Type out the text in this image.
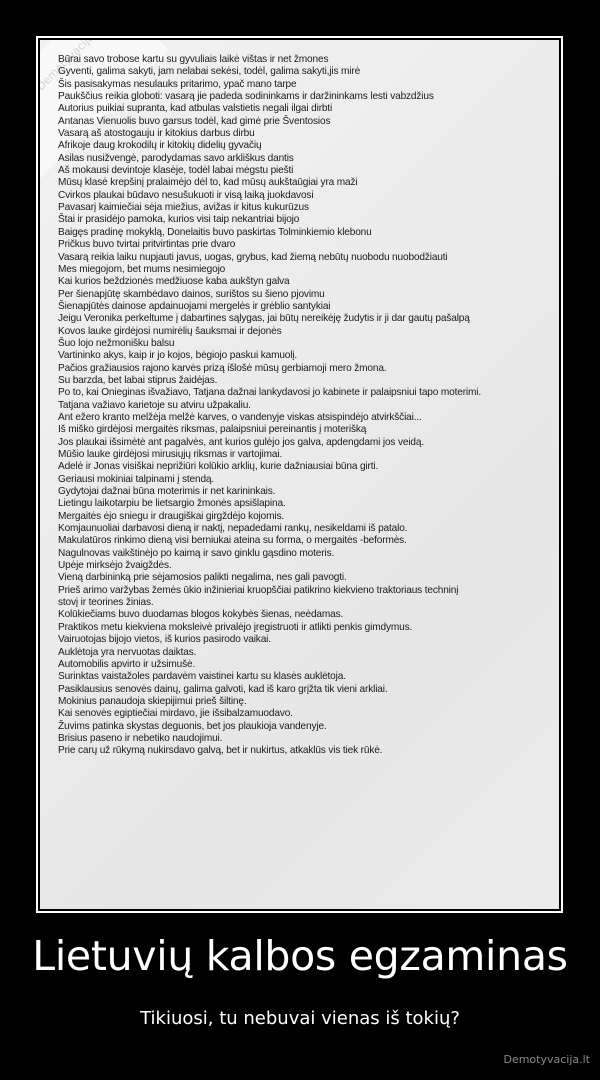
Būrai savo trobose kartu su gyvuliais laikė vištas ir net žmones
Gyventi, galima sakyti, jam nelabai sekėsi, todėl, galima sakyti,jis mirė
Šis pasisakymas nesulauks pritarimo, ypač mano tarpe
Paukščius reikia globoti: vasarą jie padeda sodininkams ir daržininkams lesti vabzdžius
Autorius puikiai supranta, kad atbulas valstietis negali ilgai dirbti
Antanas Vienuolis buvo garsus todėl, kad gimė prie Šventosios
Vasarą aš atostogauju ir kitokius darbus dirbu
Afrikoje daug krokodilų ir kitokių didelių gyvačių
Asilas nusižvengė, parodydamas savo arkliškus dantis
Aš mokausi devintoje klasėje, todėl labai mėgstu piešti
Mūsų klasė krepšinį pralaimėjo dėl to, kad mūsų aukštaūgiai yra maži
Cvirkos plaukai būdavo nesušukuoti ir visą laiką juokdavosi
Pavasarį kaimiečiai sėja miežius, avižas ir kitus kukurūzus
Štai ir prasidėjo pamoka, kurios visi taip nekantriai bijojo
Baigęs pradinę mokyklą, Donelaitis buvo paskirtas Tolminkiemio klebonu
Pričkus buvo tvirtai pritvirtintas prie dvaro
Vasarą reikia laiku nupjauti javus, uogas, grybus, kad žiemą nebūtų nuobodu nuobodžiauti
Mes miegojom, bet mums nesimiegojo
Kai kurios beždzionės medžiuose kaba aukštyn galva
Per šienapjūtę skambėdavo dainos, surištos su šieno pjovimu
Šienapjūtės dainose apdainuojami mergelės ir grėblio santykiai
Jeigu Veronika perkeltume į dabartines sąlygas, jai būtų nereikėję žudytis ir ji dar gautų pašalpą
Kovos lauke girdėjosi numirėlių šauksmai ir dejonės
Šuo lojo nežmonišku balsu
Vartininko akys, kaip ir jo kojos, bėgiojo paskui kamuolį.
Pačios gražiausios rajono karvės prizą išlošė mūsų gerbiamoji mero žmona.
Su barzda, bet labai stiprus žaidėjas.
Po to, kai Onieginas išvažiavo, Tatjana dažnai lankydavosi jo kabinete ir palaipsniui tapo moterimi.
Tatjana važiavo karietoje su atviru užpakaliu.
Ant ežero kranto melžėja melžė karves, o vandenyje viskas atsispindėjo atvirkščiai...
Iš miško girdėjosi mergaitės riksmas, palaipsniui pereinantis į moterišką
Jos plaukai išsimėtė ant pagalvės, ant kurios gulėjo jos galva, apdengdami jos veidą.
Mūšio lauke girdėjosi mirusiųjų riksmas ir vartojimai.
Adelė ir Jonas visiškai neprižiūri kolūkio arklių, kurie dažniausiai būna girti.
Geriausi mokiniai talpinami į stendą.
Gydytojai dažnai būna moterimis ir net karininkais.
Lietingu laikotarpiu be lietsargio žmonės apsišlapina.
Mergaitės ėjo sniegu ir draugiškai girgždėjo kojomis.
Komjaunuoliai darbavosi dieną ir naktį, nepadedami rankų, nesikeldami iš patalo.
Makulatūros rinkimo dieną visi berniukai ateina su forma, o mergaitės -beformės.
Nagulnovas vaikštinėjo po kaimą ir savo ginklu gąsdino moteris.
Upėje mirksėjo žvaigždės.
Vieną darbininką prie sėjamosios palikti negalima, nes gali pavogti.
Prieš arimo varžybas žemės ūkio inžinieriai kruopščiai patikrino kiekvieno traktoriaus techninį
stovį ir teorines žinias.
Kolūkiečiams buvo duodamas blogos kokybės šienas, neėdamas.
Praktikos metu kiekviena moksleivė privalėjo įregistruoti ir atlikti penkis gimdymus.
Vairuotojas bijojo vietos, iš kurios pasirodo vaikai.
Auklėtoja yra nervuotas daiktas.
Automobilis apvirto ir užsimušė.
Surinktas vaistažoles pardavėm vaistinei kartu su klasės auklėtoja.
Pasiklausius senovės dainų, galima galvoti, kad iš karo grįžta tik vieni arkliai.
Mokinius panaudoja skiepijimui prieš šiltinę.
Kai senovės egiptiečiai mirdavo, jie išsibalzamuodavo.
Žuvims patinka skystas deguonis, bet jos plaukioja vandenyje.
Brisius paseno ir nebetiko naudojimui.
Prie carų už rūkymą nukirsdavo galvą, bet ir nukirtus, atkaklūs vis tiek rūkė.
Lietuvių kalbos egzaminas
Tikiuosi, tu nebuvai vienas iš tokių?
Demotyvacija.lt
